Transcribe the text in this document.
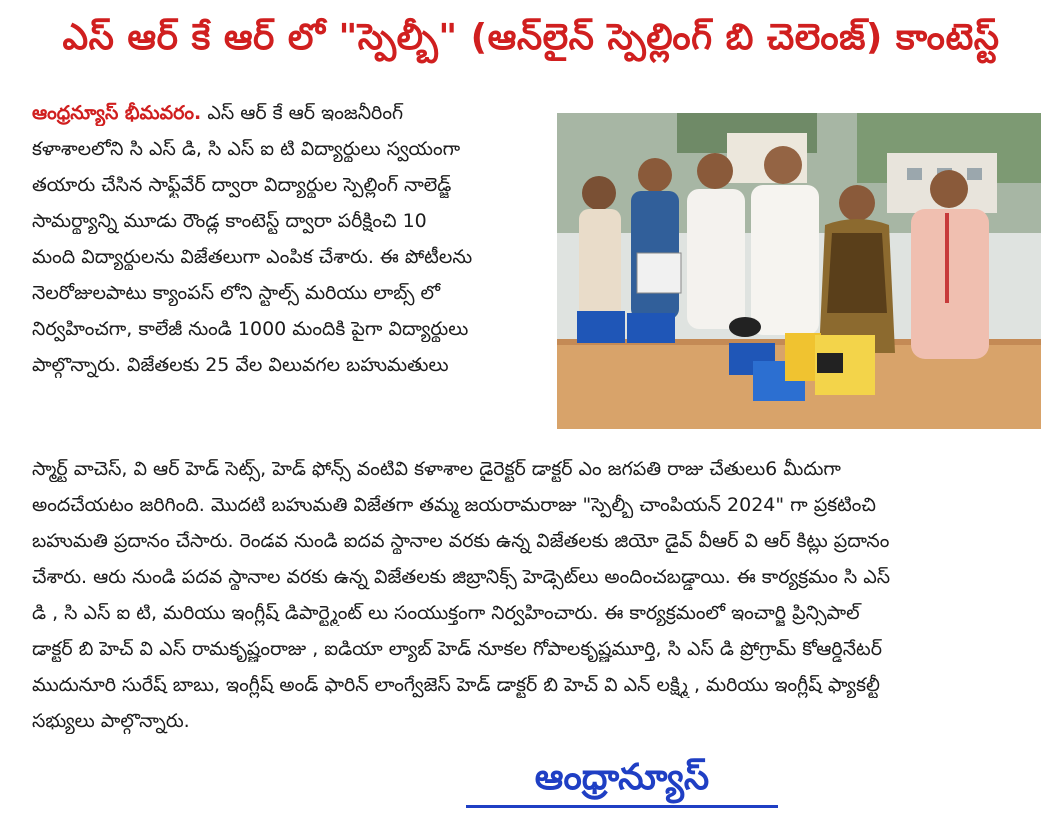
ఎస్ ఆర్ కే ఆర్ లో "స్పెల్బీ" (ఆన్‌లైన్ స్పెల్లింగ్ బి చెలెంజ్) కాంటెస్ట్
ఆంధ్రన్యూస్ భీమవరం. ఎస్ ఆర్ కే ఆర్ ఇంజనీరింగ్
కళాశాలలోని సి ఎస్ డి, సి ఎస్ ఐ టి విద్యార్థులు స్వయంగా
తయారు చేసిన సాఫ్ట్‌వేర్ ద్వారా విద్యార్థుల స్పెల్లింగ్ నాలెడ్జ్
సామర్థ్యాన్ని మూడు రౌండ్ల కాంటెస్ట్ ద్వారా పరీక్షించి 10
మంది విద్యార్థులను విజేతలుగా ఎంపిక చేశారు. ఈ పోటీలను
నెలరోజులపాటు క్యాంపస్ లోని స్టాల్స్ మరియు లాబ్స్ లో
నిర్వహించగా, కాలేజీ నుండి 1000 మందికి పైగా విద్యార్థులు
పాల్గొన్నారు. విజేతలకు 25 వేల విలువగల బహుమతులు
స్మార్ట్ వాచెస్, వి ఆర్ హెడ్ సెట్స్, హెడ్ ఫోన్స్ వంటివి కళాశాల డైరెక్టర్ డాక్టర్ ఎం జగపతి రాజు చేతులు6 మీదుగా
అందచేయటం జరిగింది. మొదటి బహుమతి విజేతగా తమ్మ జయరామరాజు "స్పెల్బీ చాంపియన్ 2024" గా ప్రకటించి
బహుమతి ప్రదానం చేసారు. రెండవ నుండి ఐదవ స్థానాల వరకు ఉన్న విజేతలకు జియో డైవ్ వీఆర్ వి ఆర్ కిట్లు ప్రదానం
చేశారు. ఆరు నుండి పదవ స్థానాల వరకు ఉన్న విజేతలకు జిబ్రానిక్స్ హెడ్సెట్‌లు అందించబడ్డాయి. ఈ కార్యక్రమం సి ఎస్
డి , సి ఎస్ ఐ టి, మరియు ఇంగ్లీష్ డిపార్ట్మెంట్ లు సంయుక్తంగా నిర్వహించారు. ఈ కార్యక్రమంలో ఇంచార్జి ప్రిన్సిపాల్
డాక్టర్ బి హెచ్ వి ఎస్ రామకృష్ణంరాజు , ఐడియా ల్యాబ్ హెడ్ నూకల గోపాలకృష్ణమూర్తి, సి ఎస్ డి ప్రోగ్రామ్ కోఆర్డినేటర్
ముదునూరి సురేష్ బాబు, ఇంగ్లీష్ అండ్ ఫారిన్ లాంగ్వేజెస్ హెడ్ డాక్టర్ బి హెచ్ వి ఎన్ లక్ష్మి , మరియు ఇంగ్లీష్ ఫ్యాకల్టీ
సభ్యులు పాల్గొన్నారు.
ఆంధ్రాన్యూస్
